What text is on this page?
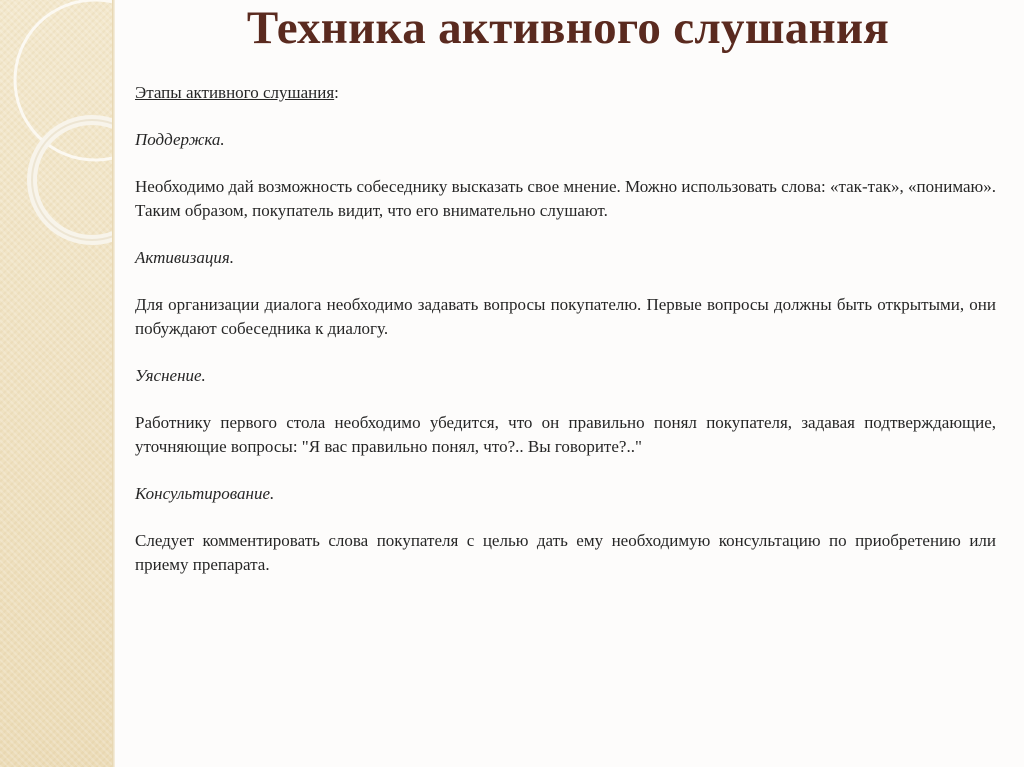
Техника активного слушания

Этапы активного слушания:

Поддержка.

Необходимо дай возможность собеседнику высказать свое мнение. Можно использовать слова: «так-так», «понимаю». Таким образом, покупатель видит, что его внимательно слушают.

Активизация.

Для организации диалога необходимо задавать вопросы покупателю. Первые вопросы должны быть открытыми, они побуждают собеседника к диалогу.

Уяснение.

Работнику первого стола необходимо убедится, что он правильно понял покупателя, задавая подтверждающие, уточняющие вопросы: "Я вас правильно понял, что?.. Вы говорите?.."

Консультирование.

Следует комментировать слова покупателя с целью дать ему необходимую консультацию по приобретению или приему препарата.
